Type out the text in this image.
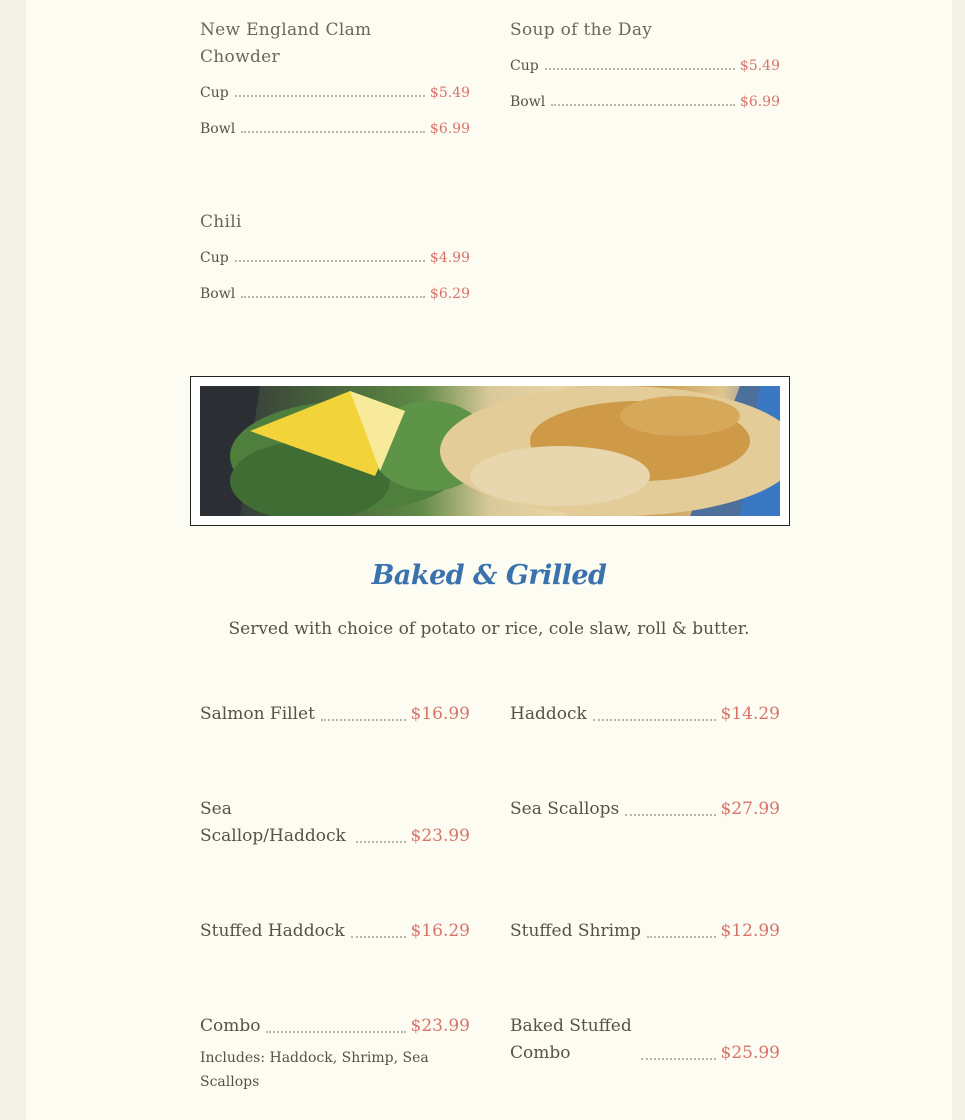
New England Clam Chowder
Cup	$5.49
Bowl	$6.99
Soup of the Day
Cup	$5.49
Bowl	$6.99
Chili
Cup	$4.99
Bowl	$6.29
Baked & Grilled
Served with choice of potato or rice, cole slaw, roll & butter.
Salmon Fillet	$16.99 Haddock	$14.29
Sea Scallop/Haddock	$23.99
Sea Scallops	$27.99
Stuffed Haddock	$16.29 Stuffed Shrimp	$12.99
Combo	$23.99
Includes: Haddock, Shrimp, Sea Scallops
Baked Stuffed Combo	$25.99
